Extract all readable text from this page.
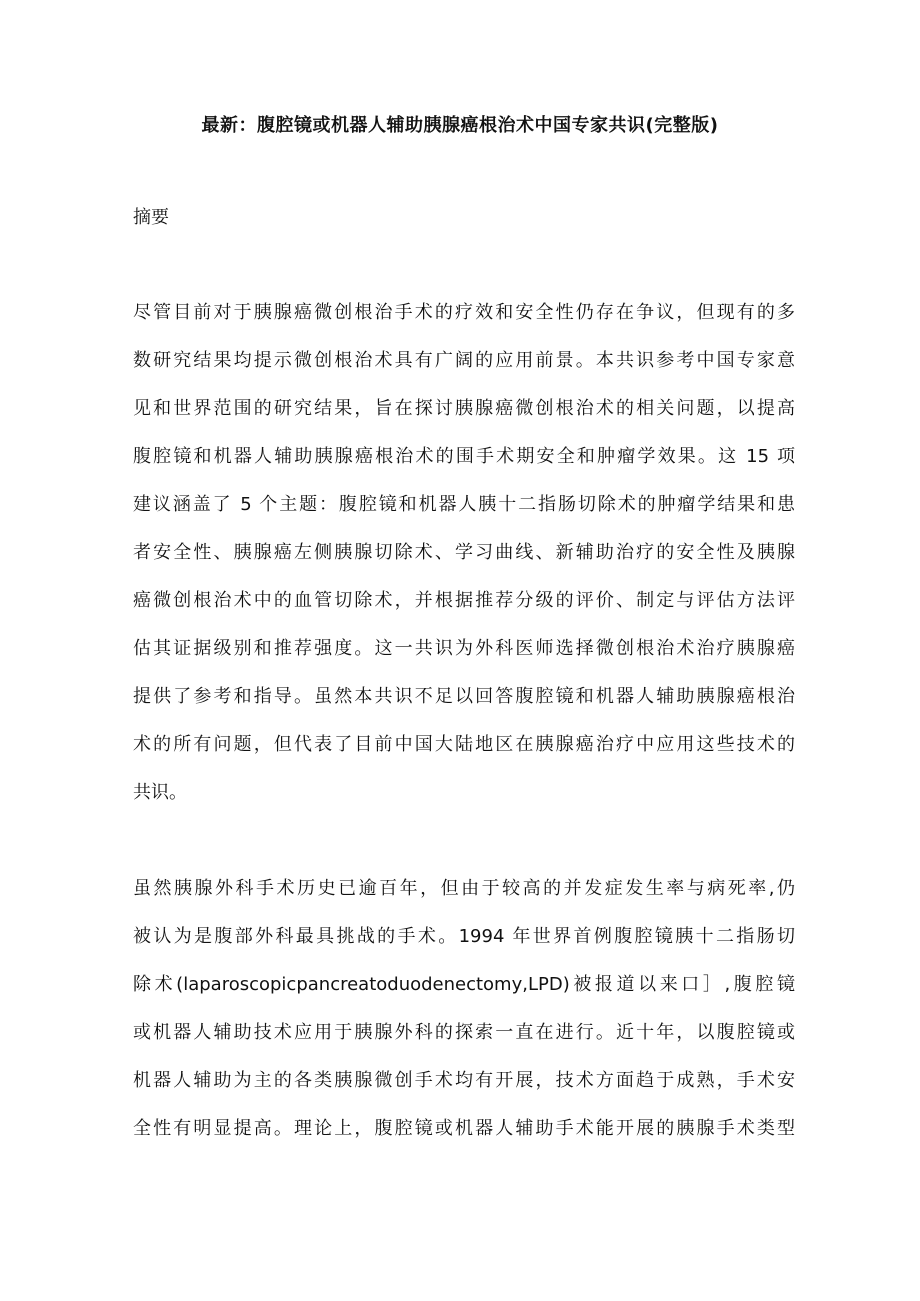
最新：腹腔镜或机器人辅助胰腺癌根治术中国专家共识(完整版)
摘要
尽管目前对于胰腺癌微创根治手术的疗效和安全性仍存在争议，但现有的多
数研究结果均提示微创根治术具有广阔的应用前景。本共识参考中国专家意
见和世界范围的研究结果，旨在探讨胰腺癌微创根治术的相关问题，以提高
腹腔镜和机器人辅助胰腺癌根治术的围手术期安全和肿瘤学效果。这 15 项
建议涵盖了 5 个主题：腹腔镜和机器人胰十二指肠切除术的肿瘤学结果和患
者安全性、胰腺癌左侧胰腺切除术、学习曲线、新辅助治疗的安全性及胰腺
癌微创根治术中的血管切除术，并根据推荐分级的评价、制定与评估方法评
估其证据级别和推荐强度。这一共识为外科医师选择微创根治术治疗胰腺癌
提供了参考和指导。虽然本共识不足以回答腹腔镜和机器人辅助胰腺癌根治
术的所有问题，但代表了目前中国大陆地区在胰腺癌治疗中应用这些技术的
共识。
虽然胰腺外科手术历史已逾百年，但由于较高的并发症发生率与病死率,仍
被认为是腹部外科最具挑战的手术。1994 年世界首例腹腔镜胰十二指肠切
除术(laparoscopicpancreatoduodenectomy,LPD)被报道以来口］,腹腔镜
或机器人辅助技术应用于胰腺外科的探索一直在进行。近十年，以腹腔镜或
机器人辅助为主的各类胰腺微创手术均有开展，技术方面趋于成熟，手术安
全性有明显提高。理论上，腹腔镜或机器人辅助手术能开展的胰腺手术类型
